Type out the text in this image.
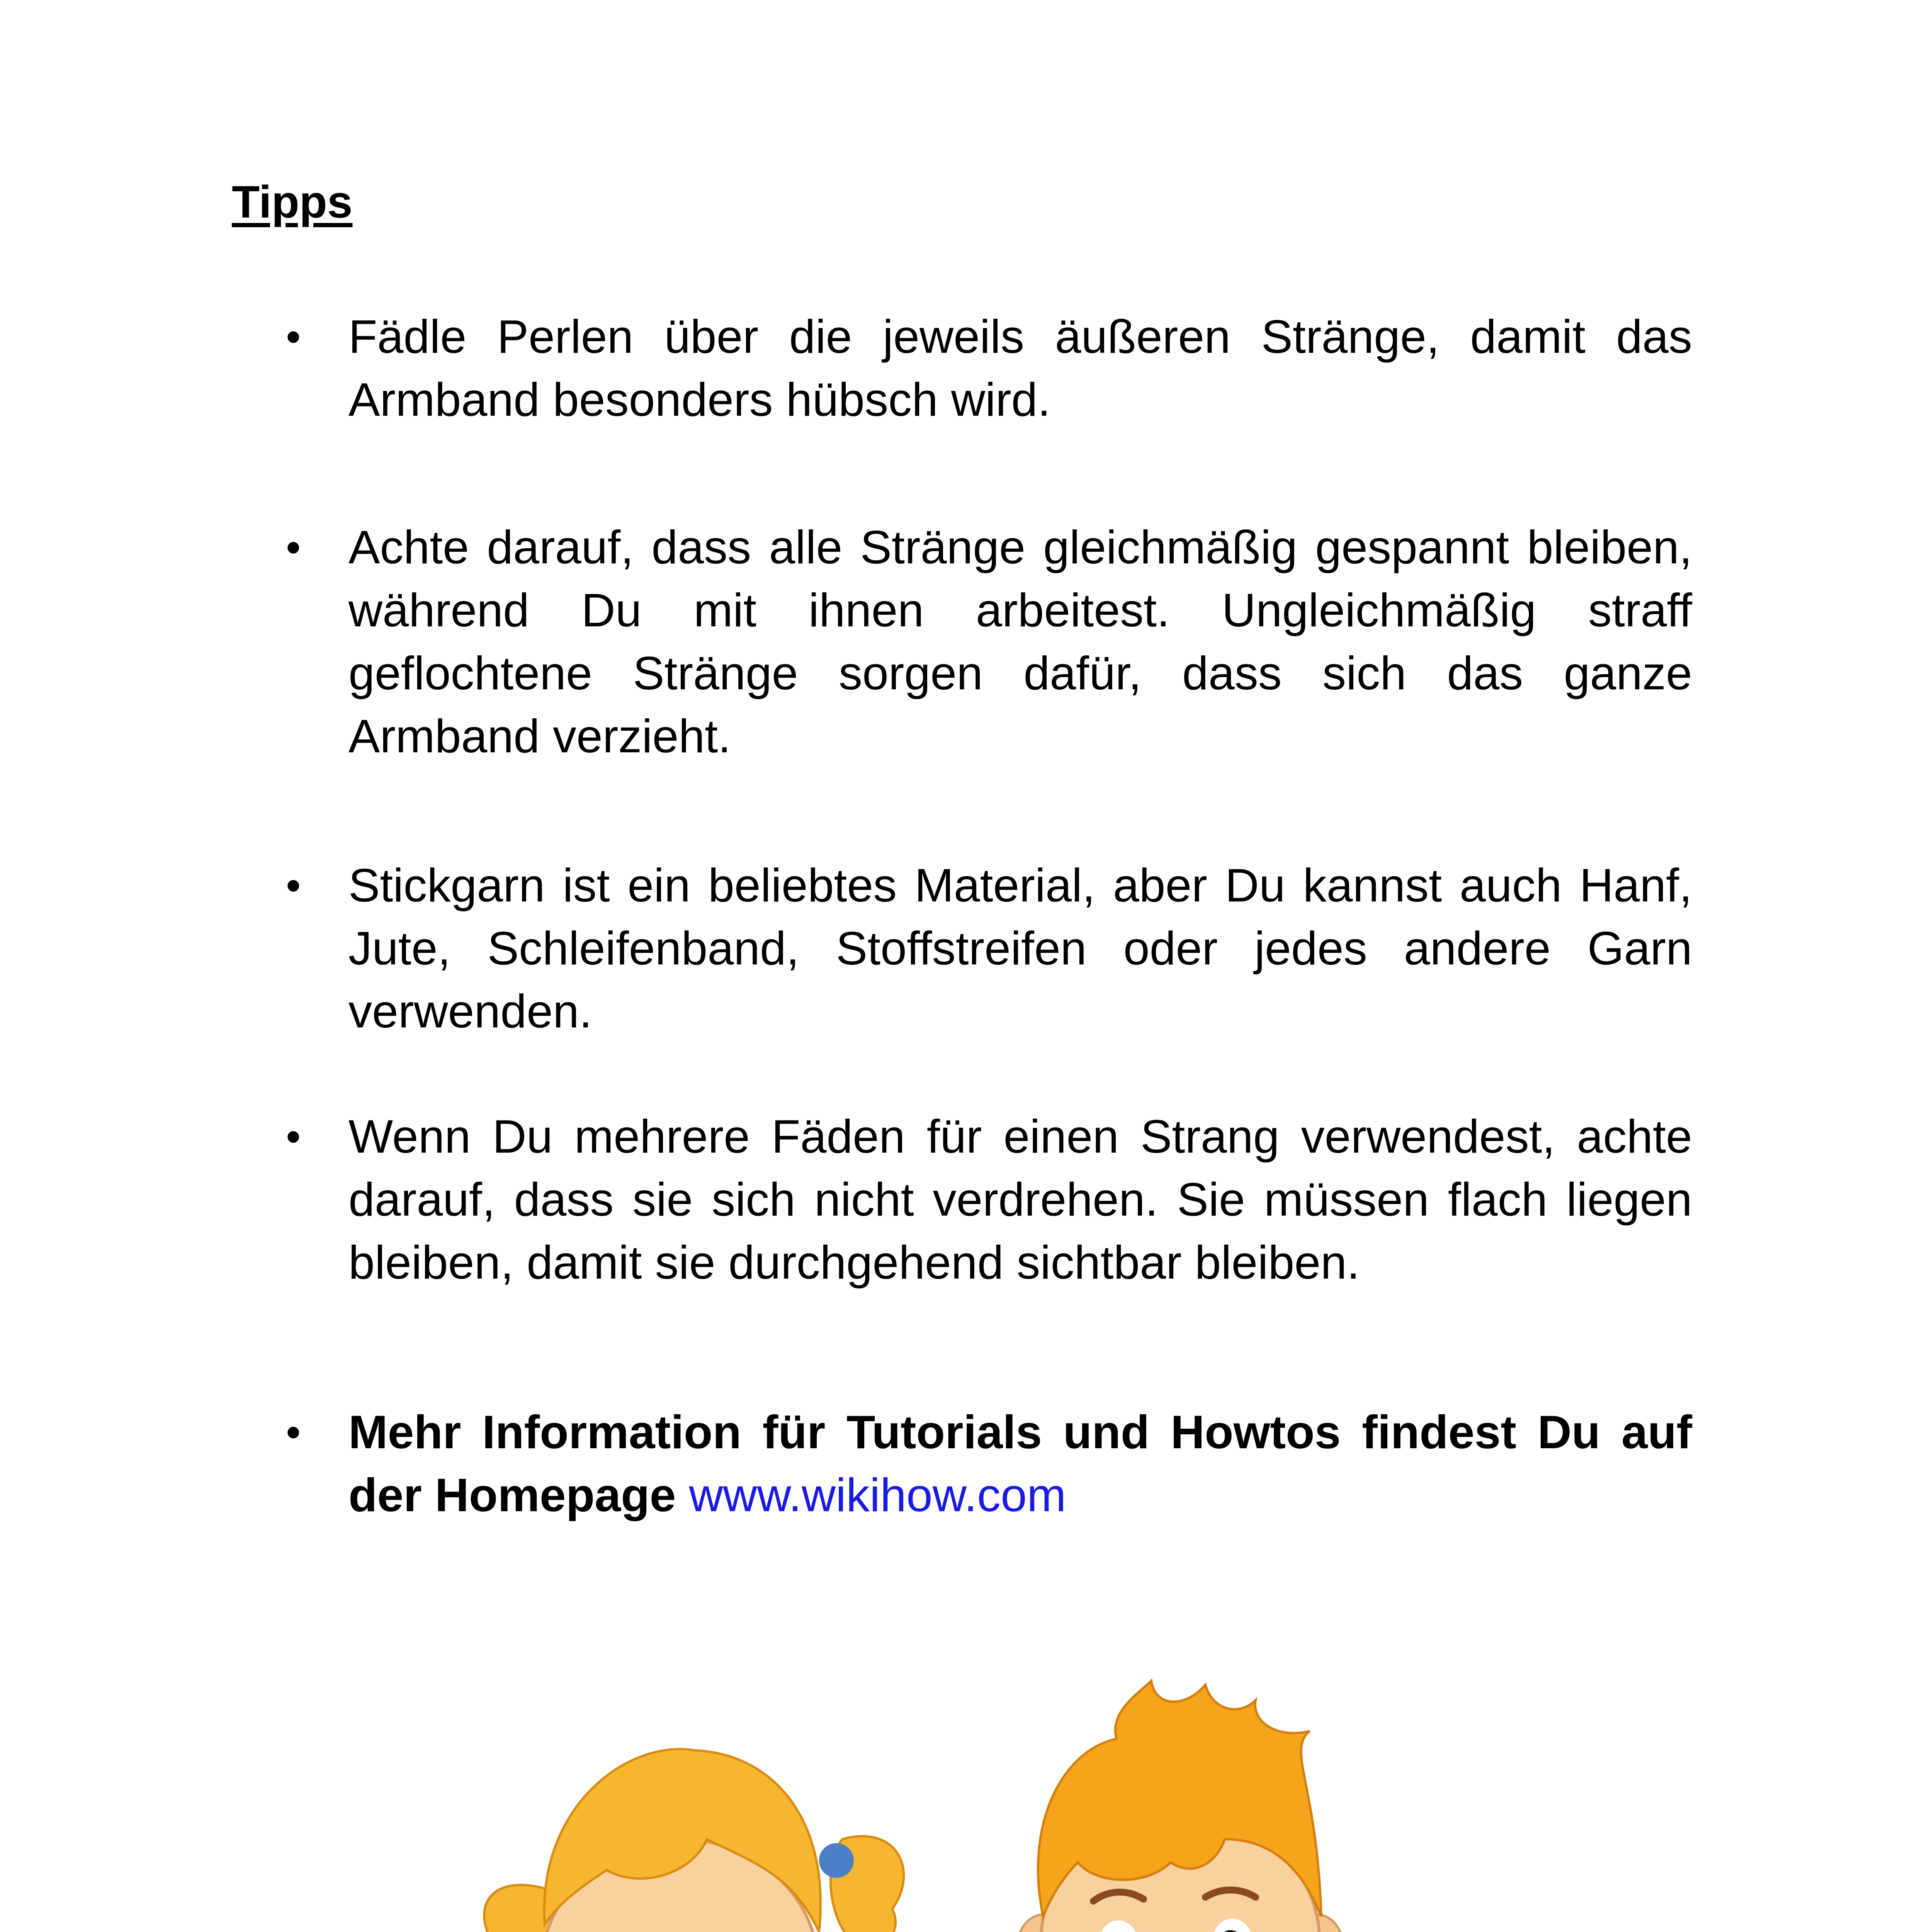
Tipps
• Fädle Perlen über die jeweils äußeren Stränge, damit das Armband besonders hübsch wird.
• Achte darauf, dass alle Stränge gleichmäßig gespannt bleiben, während Du mit ihnen arbeitest. Ungleichmäßig straff geflochtene Stränge sorgen dafür, dass sich das ganze Armband verzieht.
• Stickgarn ist ein beliebtes Material, aber Du kannst auch Hanf, Jute, Schleifenband, Stoffstreifen oder jedes andere Garn verwenden.
• Wenn Du mehrere Fäden für einen Strang verwendest, achte darauf, dass sie sich nicht verdrehen. Sie müssen flach liegen bleiben, damit sie durchgehend sichtbar bleiben.
• Mehr Information für Tutorials und Howtos findest Du auf der Homepage www.wikihow.com
